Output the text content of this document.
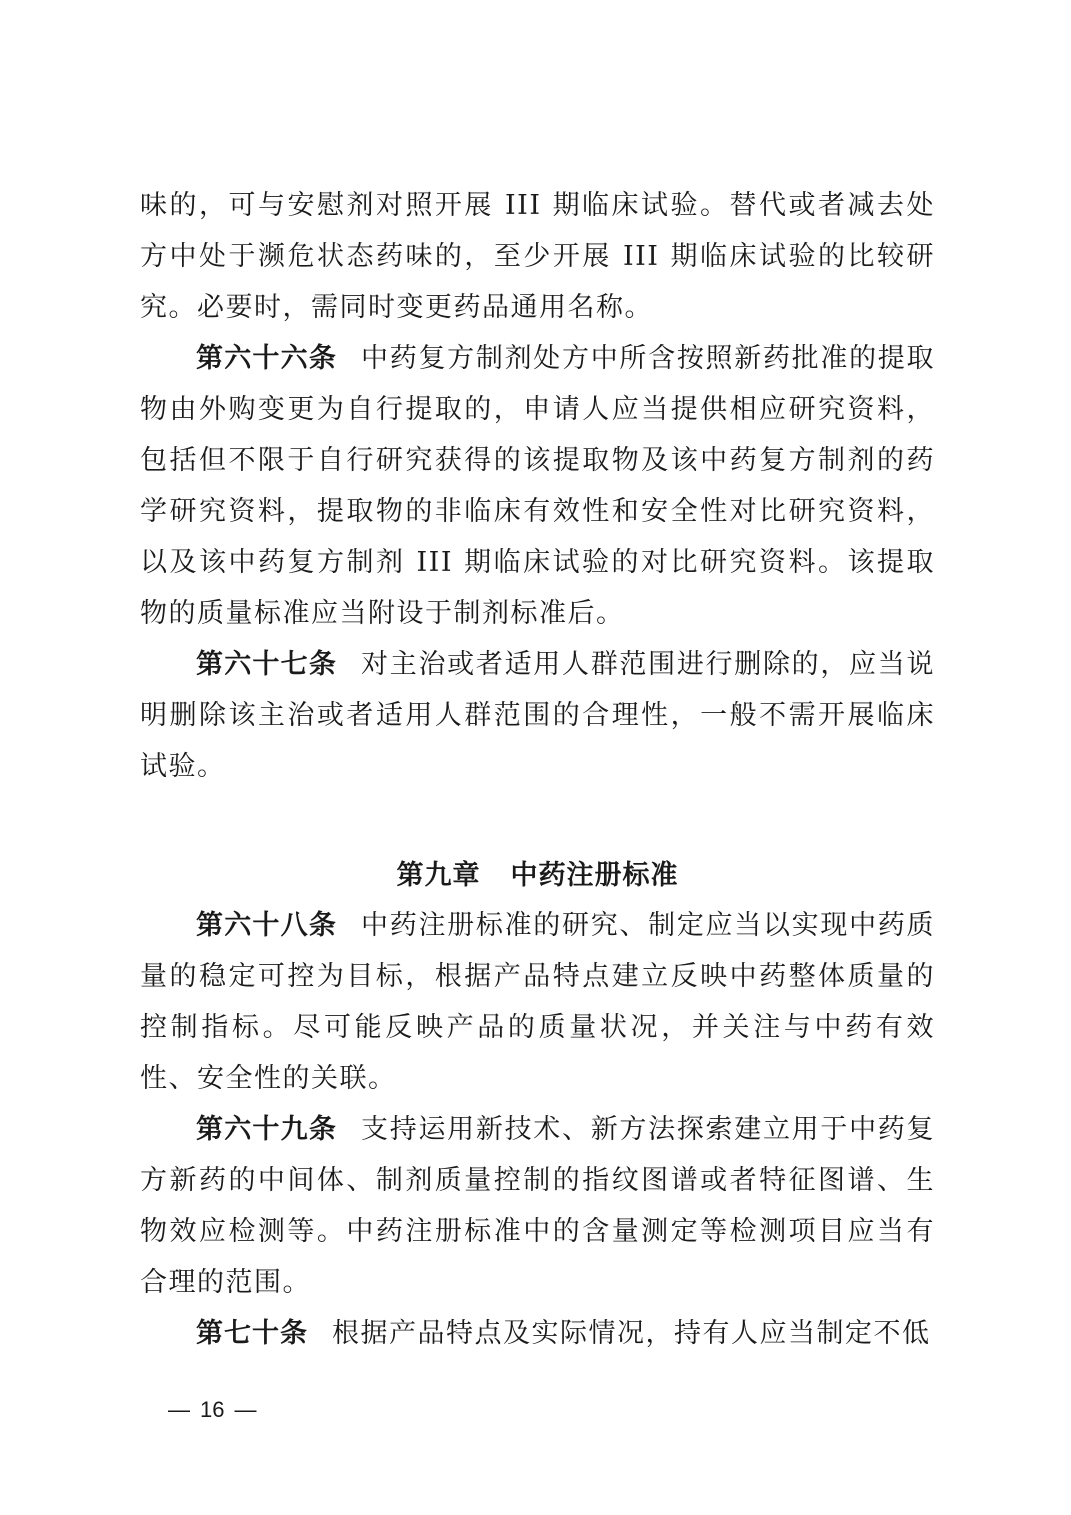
味的，可与安慰剂对照开展 III 期临床试验。替代或者减去处方中处于濒危状态药味的，至少开展 III 期临床试验的比较研究。必要时，需同时变更药品通用名称。

第六十六条 中药复方制剂处方中所含按照新药批准的提取物由外购变更为自行提取的，申请人应当提供相应研究资料，包括但不限于自行研究获得的该提取物及该中药复方制剂的药学研究资料，提取物的非临床有效性和安全性对比研究资料，以及该中药复方制剂 III 期临床试验的对比研究资料。该提取物的质量标准应当附设于制剂标准后。

第六十七条 对主治或者适用人群范围进行删除的，应当说明删除该主治或者适用人群范围的合理性，一般不需开展临床试验。

第九章 中药注册标准

第六十八条 中药注册标准的研究、制定应当以实现中药质量的稳定可控为目标，根据产品特点建立反映中药整体质量的控制指标。尽可能反映产品的质量状况，并关注与中药有效性、安全性的关联。

第六十九条 支持运用新技术、新方法探索建立用于中药复方新药的中间体、制剂质量控制的指纹图谱或者特征图谱、生物效应检测等。中药注册标准中的含量测定等检测项目应当有合理的范围。

第七十条 根据产品特点及实际情况，持有人应当制定不低

— 16 —
